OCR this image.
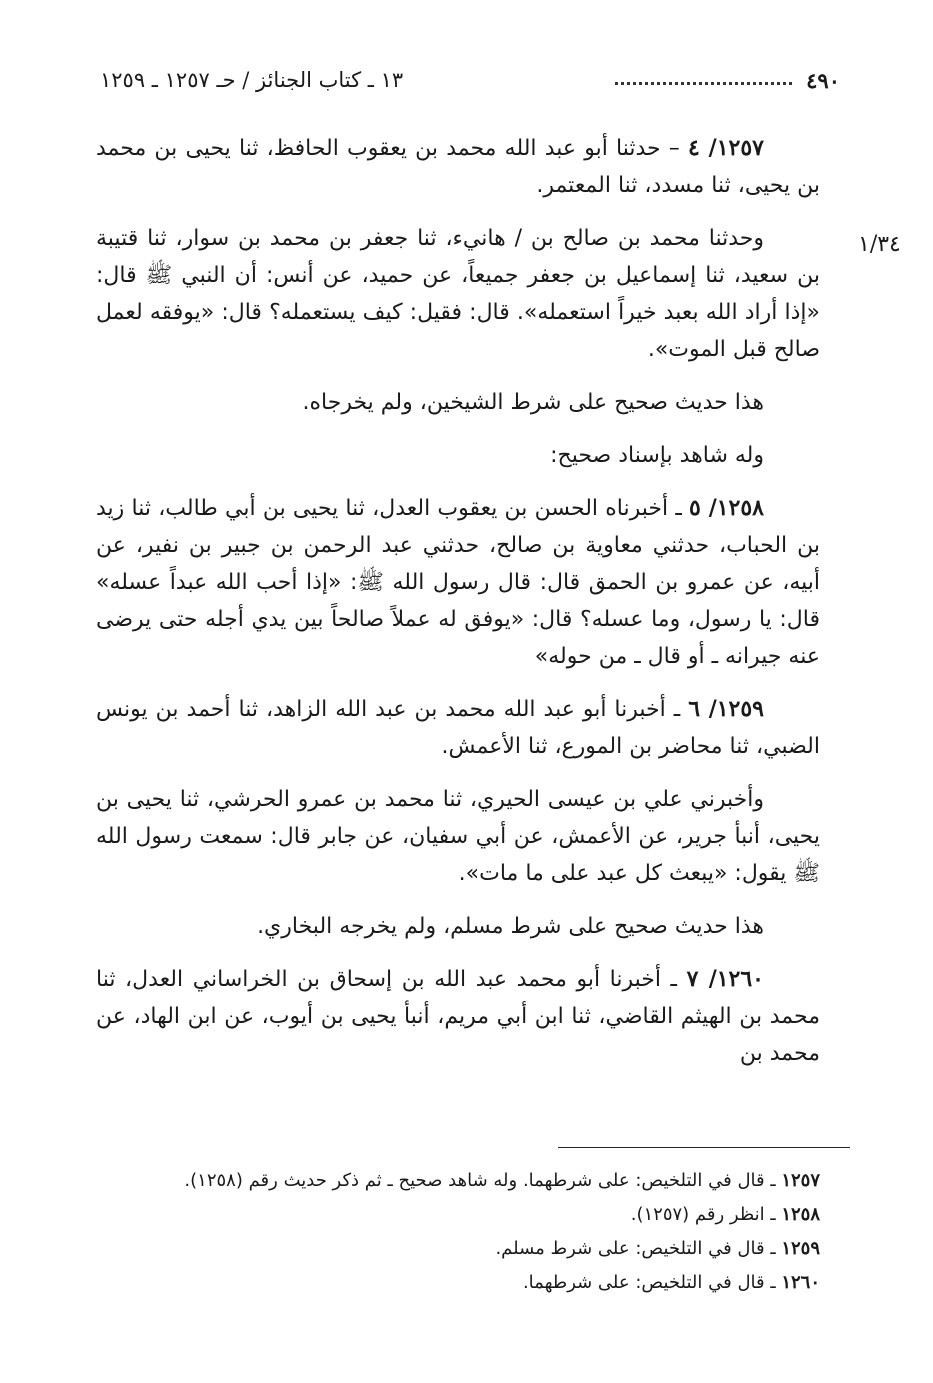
٤٩٠
١٣ ـ كتاب الجنائز / حـ ١٢٥٧ ـ ١٢٥٩
١/٣٤

١٢٥٧/ ٤ – حدثنا أبو عبد الله محمد بن يعقوب الحافظ، ثنا يحيى بن محمد بن يحيى، ثنا مسدد، ثنا المعتمر.

وحدثنا محمد بن صالح بن / هانيء، ثنا جعفر بن محمد بن سوار، ثنا قتيبة بن سعيد، ثنا إسماعيل بن جعفر جميعاً، عن حميد، عن أنس: أن النبي ﷺ قال: «إذا أراد الله بعبد خيراً استعمله». قال: فقيل: كيف يستعمله؟ قال: «يوفقه لعمل صالح قبل الموت».

هذا حديث صحيح على شرط الشيخين، ولم يخرجاه.

وله شاهد بإسناد صحيح:

١٢٥٨/ ٥ ـ أخبرناه الحسن بن يعقوب العدل، ثنا يحيى بن أبي طالب، ثنا زيد بن الحباب، حدثني معاوية بن صالح، حدثني عبد الرحمن بن جبير بن نفير، عن أبيه، عن عمرو بن الحمق قال: قال رسول الله ﷺ: «إذا أحب الله عبداً عسله» قال: يا رسول، وما عسله؟ قال: «يوفق له عملاً صالحاً بين يدي أجله حتى يرضى عنه جيرانه ـ أو قال ـ من حوله»

١٢٥٩/ ٦ ـ أخبرنا أبو عبد الله محمد بن عبد الله الزاهد، ثنا أحمد بن يونس الضبي، ثنا محاضر بن المورع، ثنا الأعمش.

وأخبرني علي بن عيسى الحيري، ثنا محمد بن عمرو الحرشي، ثنا يحيى بن يحيى، أنبأ جرير، عن الأعمش، عن أبي سفيان، عن جابر قال: سمعت رسول الله ﷺ يقول: «يبعث كل عبد على ما مات».

هذا حديث صحيح على شرط مسلم، ولم يخرجه البخاري.

١٢٦٠/ ٧ ـ أخبرنا أبو محمد عبد الله بن إسحاق بن الخراساني العدل، ثنا محمد بن الهيثم القاضي، ثنا ابن أبي مريم، أنبأ يحيى بن أيوب، عن ابن الهاد، عن محمد بن

١٢٥٧ ـ قال في التلخيص: على شرطهما. وله شاهد صحيح ـ ثم ذكر حديث رقم (١٢٥٨).

١٢٥٨ ـ انظر رقم (١٢٥٧).

١٢٥٩ ـ قال في التلخيص: على شرط مسلم.

١٢٦٠ ـ قال في التلخيص: على شرطهما.
